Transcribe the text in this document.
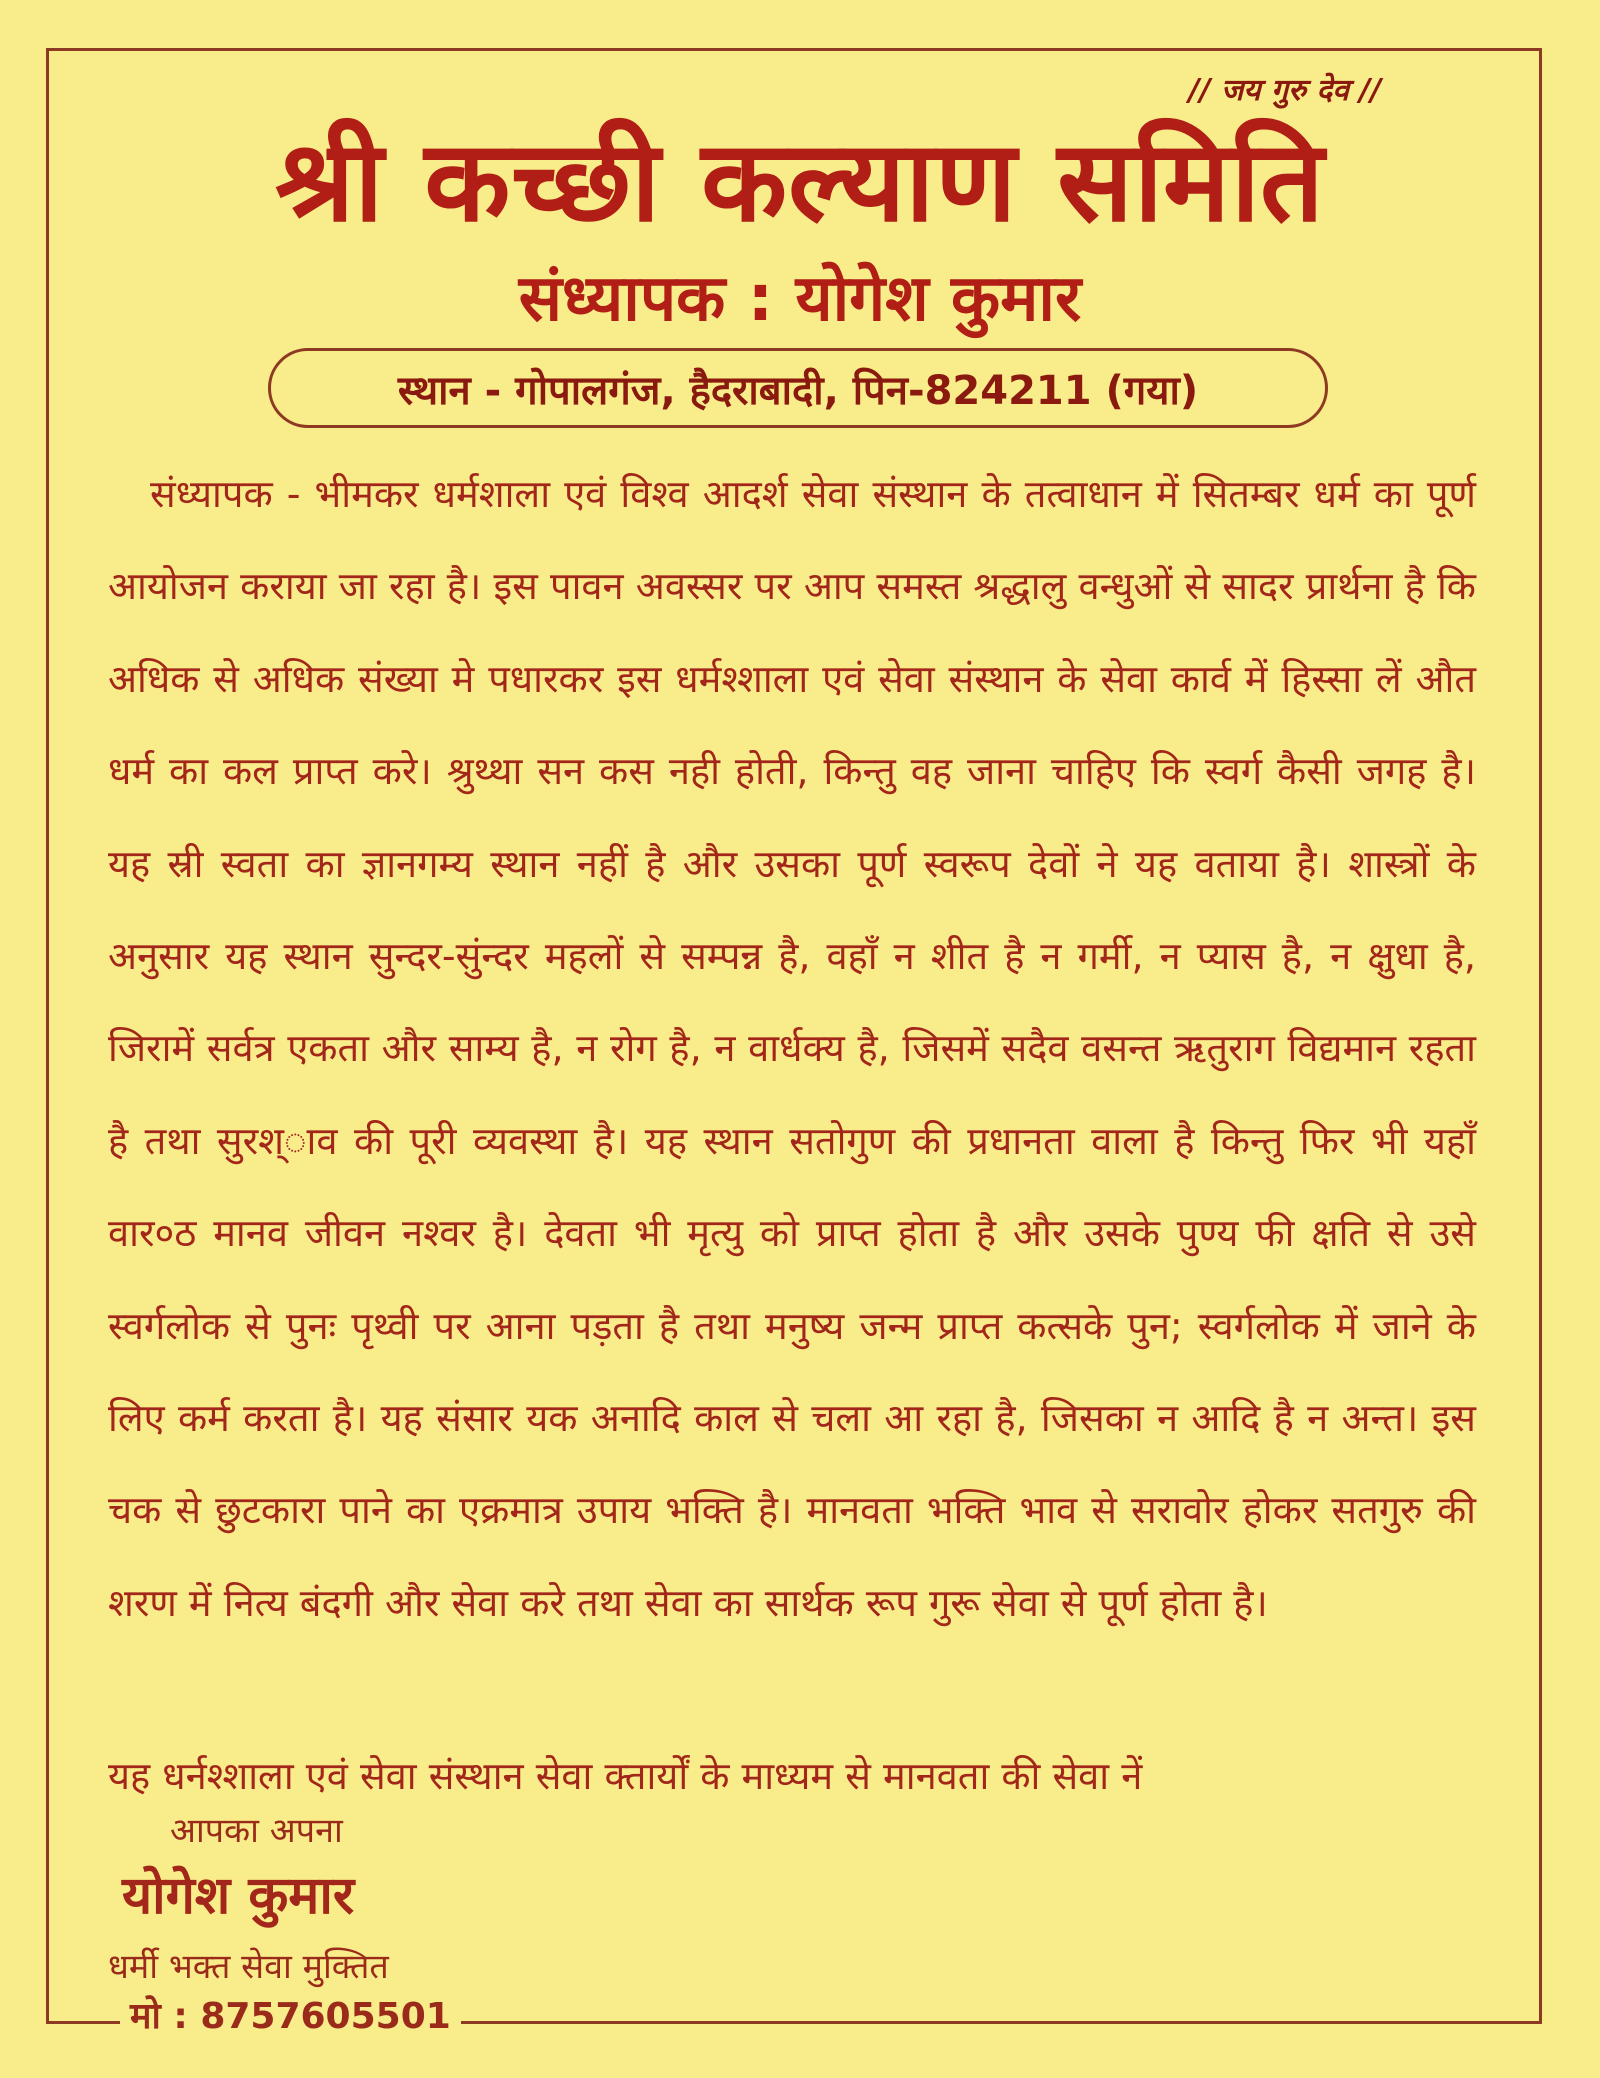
// जय गुरु देव //
श्री कच्छी कल्याण समिति
संध्यापक : योगेश कुमार
स्थान - गोपालगंज, हैदराबादी, पिन-824211 (गया)
संध्यापक - भीमकर धर्मशाला एवं विश्व आदर्श सेवा संस्थान के तत्वाधान में सितम्बर धर्म का पूर्ण आयोजन कराया जा रहा है। इस पावन अवस्सर पर आप समस्त श्रद्धालु वन्धुओं से सादर प्रार्थना है कि अधिक से अधिक संख्या मे पधारकर इस धर्मश्शाला एवं सेवा संस्थान के सेवा कार्व में हिस्सा लें औत धर्म का कल प्राप्त करे। श्रुथ्था सन कस नही होती, किन्तु वह जाना चाहिए कि स्वर्ग कैसी जगह है। यह स्री स्वता का ज्ञानगम्य स्थान नहीं है और उसका पूर्ण स्वरूप देवों ने यह वताया है। शास्त्रों के अनुसार यह स्थान सुन्दर-सुंन्दर महलों से सम्पन्न है, वहाँ न शीत है न गर्मी, न प्यास है, न क्षुधा है, जिरामें सर्वत्र एकता और साम्य है, न रोग है, न वार्धक्य है, जिसमें सदैव वसन्त ऋतुराग विद्यमान रहता है तथा सुरश्ाव की पूरी व्यवस्था है। यह स्थान सतोगुण की प्रधानता वाला है किन्तु फिर भी यहाँ वार०ठ मानव जीवन नश्वर है। देवता भी मृत्यु को प्राप्त होता है और उसके पुण्य फी क्षति से उसे स्वर्गलोक से पुनः पृथ्वी पर आना पड़ता है तथा मनुष्य जन्म प्राप्त कत्सके पुन; स्वर्गलोक में जाने के लिए कर्म करता है। यह संसार यक अनादि काल से चला आ रहा है, जिसका न आदि है न अन्त। इस चक से छुटकारा पाने का एक्रमात्र उपाय भक्ति है। मानवता भक्ति भाव से सरावोर होकर सतगुरु की शरण में नित्य बंदगी और सेवा करे तथा सेवा का सार्थक रूप गुरू सेवा से पूर्ण होता है।
यह धर्नश्शाला एवं सेवा संस्थान सेवा क्तार्यों के माध्यम से मानवता की सेवा नें
आपका अपना
योगेश कुमार
धर्मी भक्त सेवा मुक्तित
मो : 8757605501
